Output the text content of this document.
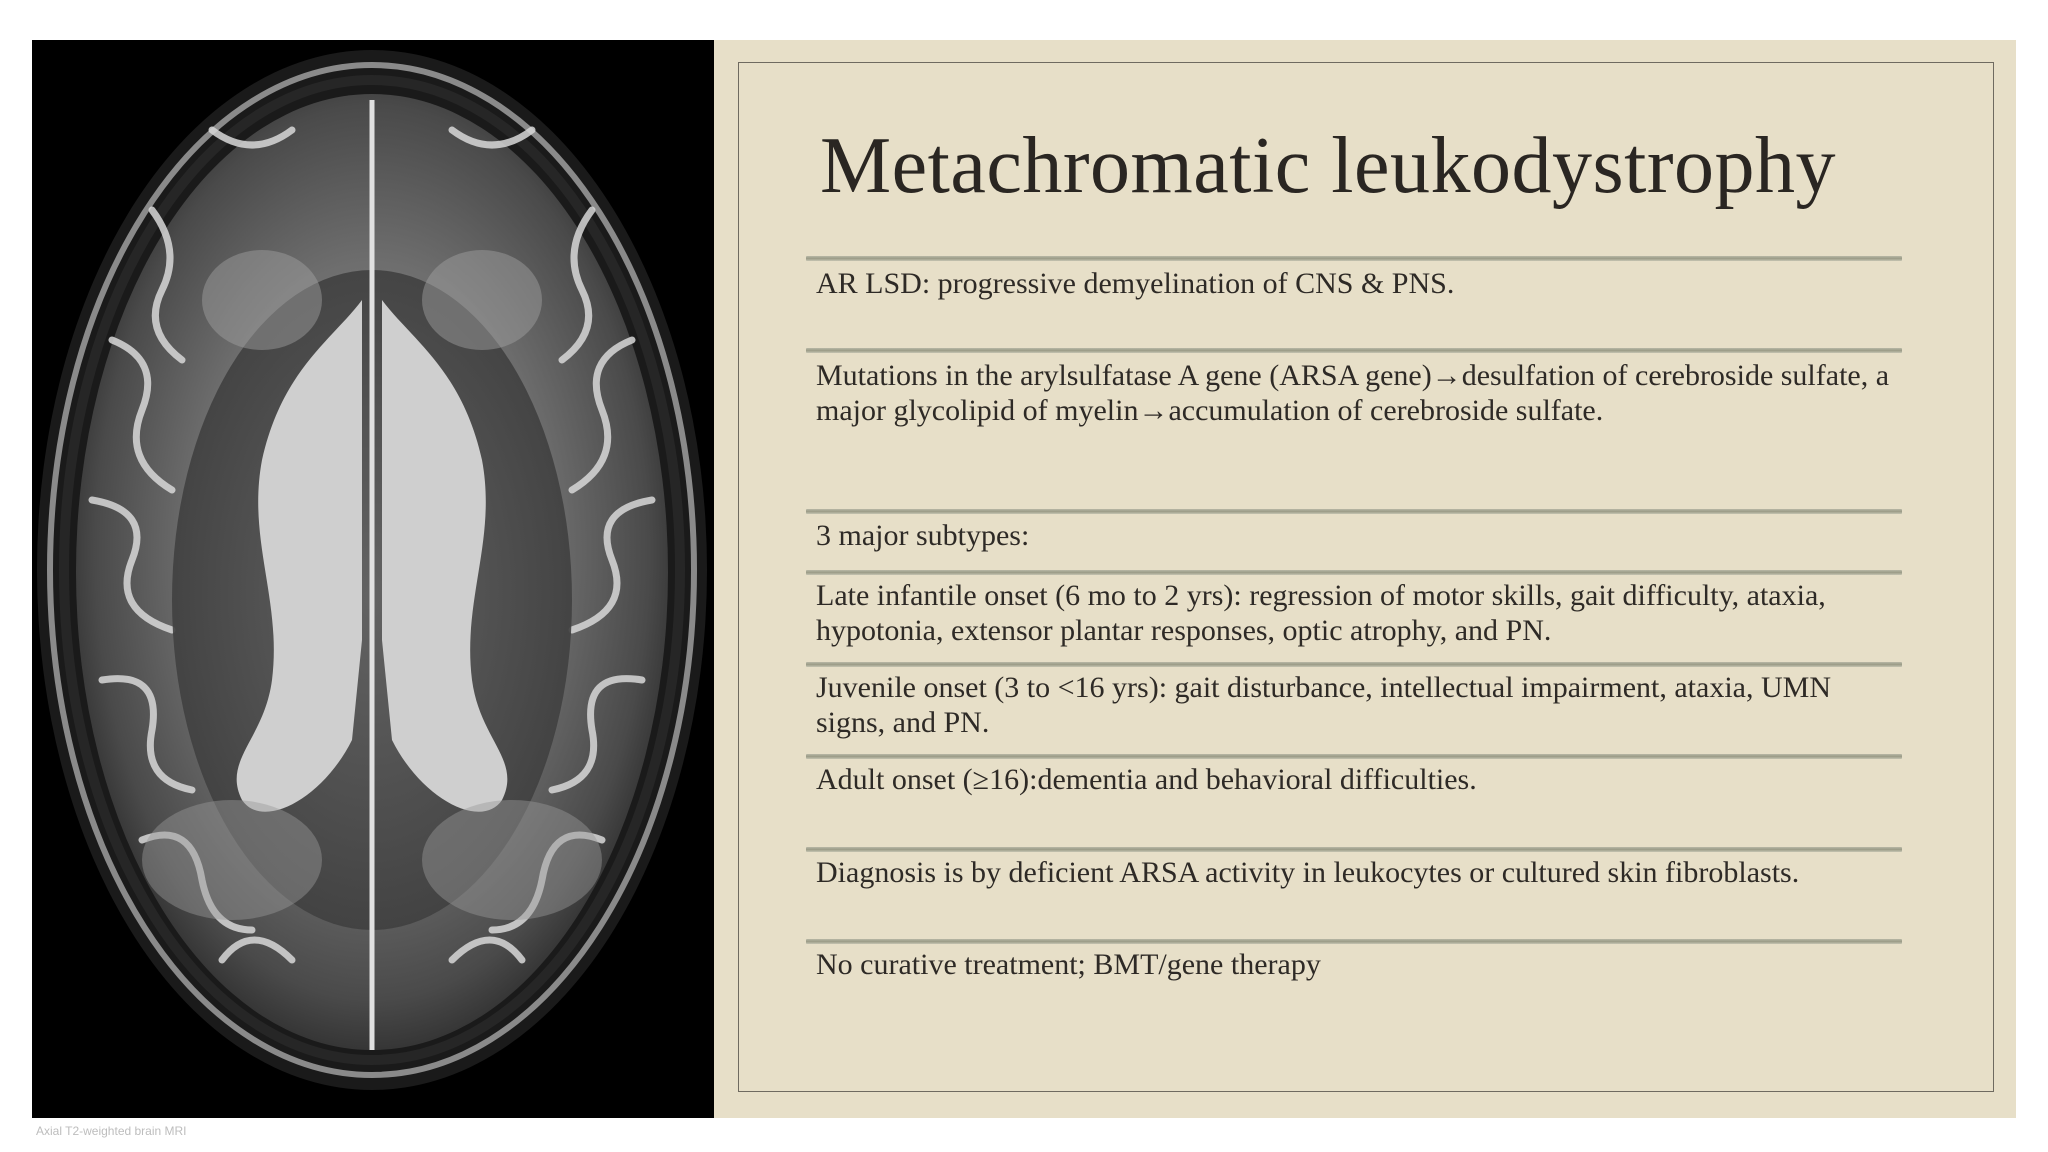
Metachromatic leukodystrophy

AR LSD: progressive demyelination of CNS & PNS.

Mutations in the arylsulfatase A gene (ARSA gene)→desulfation of cerebroside sulfate, a major glycolipid of myelin→accumulation of cerebroside sulfate.

3 major subtypes:

Late infantile onset (6 mo to 2 yrs): regression of motor skills, gait difficulty, ataxia, hypotonia, extensor plantar responses, optic atrophy, and PN.

Juvenile onset (3 to <16 yrs): gait disturbance, intellectual impairment, ataxia, UMN signs, and PN.

Adult onset (≥16):dementia and behavioral difficulties.

Diagnosis is by deficient ARSA activity in leukocytes or cultured skin fibroblasts.

No curative treatment; BMT/gene therapy

Axial T2-weighted brain MRI
